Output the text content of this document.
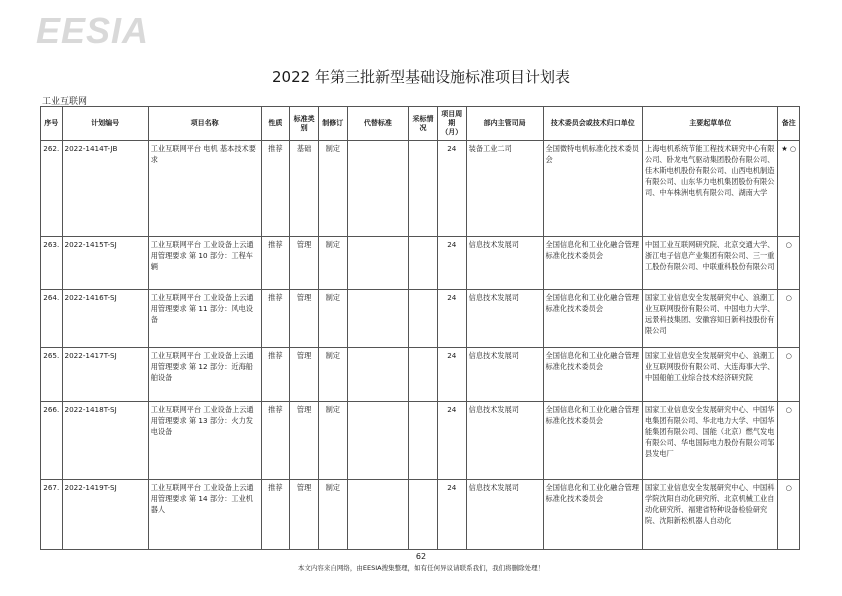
EESIA
2022 年第三批新型基础设施标准项目计划表
工业互联网
序号	计划编号	项目名称	性质	标准类别	制修订	代替标准	采标情况	项目周期（月）	部内主管司局	技术委员会或技术归口单位	主要起草单位	备注
262.	2022-1414T-JB	工业互联网平台 电机 基本技术要求	推荐	基础	制定			24	装备工业二司	全国微特电机标准化技术委员会	上海电机系统节能工程技术研究中心有限公司、卧龙电气驱动集团股份有限公司、佳木斯电机股份有限公司、山西电机制造有限公司、山东华力电机集团股份有限公司、中车株洲电机有限公司、湖南大学	★ ○
263.	2022-1415T-SJ	工业互联网平台 工业设备上云通用管理要求 第 10 部分：工程车辆	推荐	管理	制定			24	信息技术发展司	全国信息化和工业化融合管理标准化技术委员会	中国工业互联网研究院、北京交通大学、浙江电子信息产业集团有限公司、三一重工股份有限公司、中联重科股份有限公司	○
264.	2022-1416T-SJ	工业互联网平台 工业设备上云通用管理要求 第 11 部分：风电设备	推荐	管理	制定			24	信息技术发展司	全国信息化和工业化融合管理标准化技术委员会	国家工业信息安全发展研究中心、浪潮工业互联网股份有限公司、中国电力大学、远景科技集团、安徽容知日新科技股份有限公司	○
265.	2022-1417T-SJ	工业互联网平台 工业设备上云通用管理要求 第 12 部分：近海船舶设备	推荐	管理	制定			24	信息技术发展司	全国信息化和工业化融合管理标准化技术委员会	国家工业信息安全发展研究中心、浪潮工业互联网股份有限公司、大连海事大学、中国船舶工业综合技术经济研究院	○
266.	2022-1418T-SJ	工业互联网平台 工业设备上云通用管理要求 第 13 部分：火力发电设备	推荐	管理	制定			24	信息技术发展司	全国信息化和工业化融合管理标准化技术委员会	国家工业信息安全发展研究中心、中国华电集团有限公司、华北电力大学、中国华能集团有限公司、国能（北京）燃气发电有限公司、华电国际电力股份有限公司邹县发电厂	○
267.	2022-1419T-SJ	工业互联网平台 工业设备上云通用管理要求 第 14 部分：工业机器人	推荐	管理	制定			24	信息技术发展司	全国信息化和工业化融合管理标准化技术委员会	国家工业信息安全发展研究中心、中国科学院沈阳自动化研究所、北京机械工业自动化研究所、福建省特种设备检验研究院、沈阳新松机器人自动化	○
62
本文内容来自网络，由EESIA搜集整理，如有任何异议请联系我们，我们将删除处理！
